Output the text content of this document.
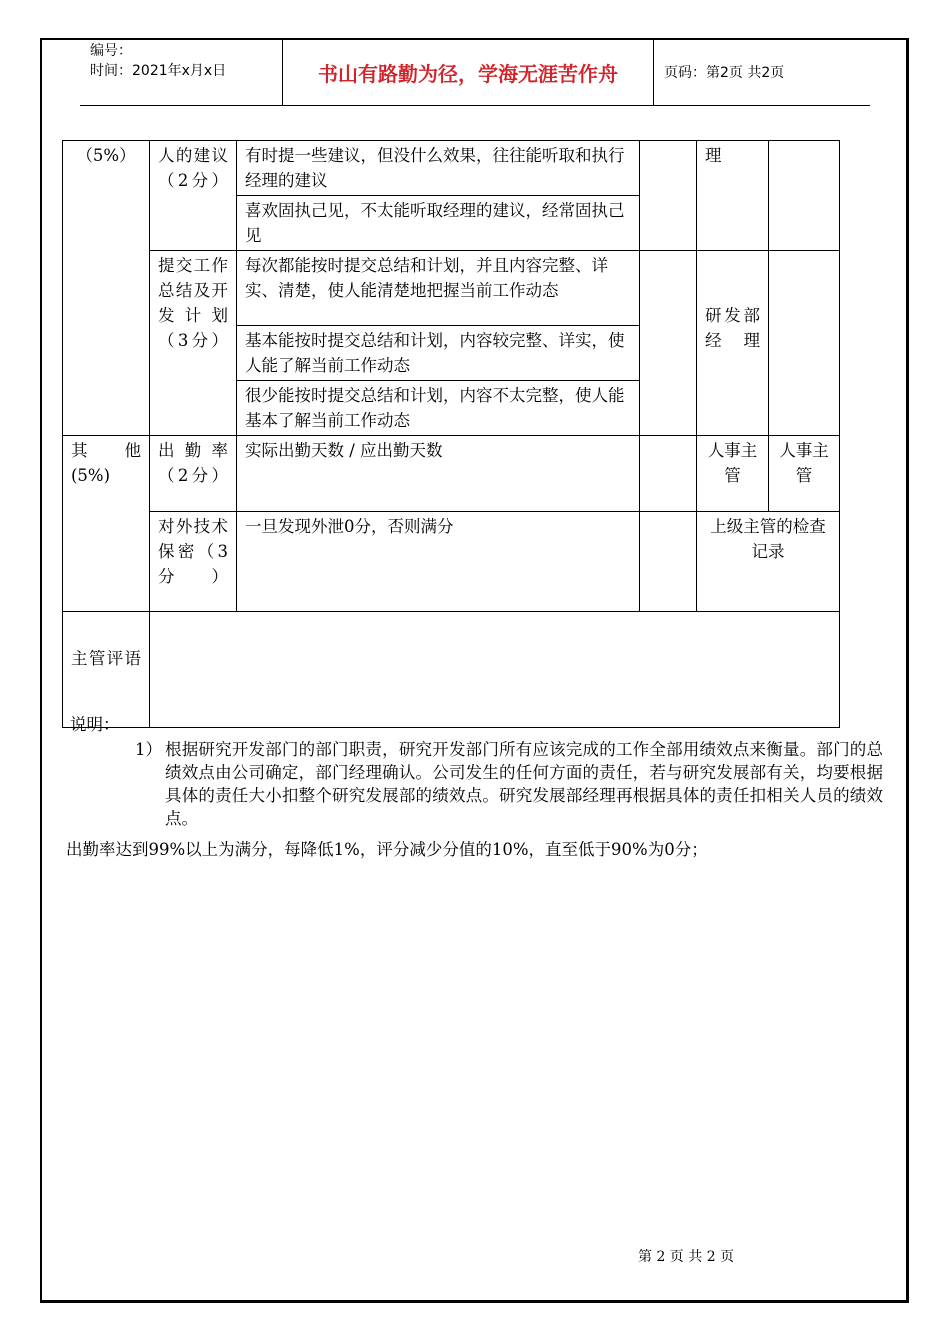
编号：
时间：2021年x月x日	书山有路勤为径，学海无涯苦作舟	页码：第2页 共2页
（5%）	人的建议（2分）	有时提一些建议，但没什么效果，往往能听取和执行经理的建议		理	
		喜欢固执己见，不太能听取经理的建议，经常固执己见			
	提交工作总结及开发计划（3分）	每次都能按时提交总结和计划，并且内容完整、详实、清楚，使人能清楚地把握当前工作动态		研发部经理	
		基本能按时提交总结和计划，内容较完整、详实，使人能了解当前工作动态			
		很少能按时提交总结和计划，内容不太完整，使人能基本了解当前工作动态			

其他
(5%)	出勤率（2分）	实际出勤天数 / 应出勤天数		人事主管	人事主管
	对外技术保密（3分）	一旦发现外泄0分，否则满分		上级主管的检查记录	
主管评语					
说明：
1） 根据研究开发部门的部门职责，研究开发部门所有应该完成的工作全部用绩效点来衡量。部门的总绩效点由公司确定，部门经理确认。公司发生的任何方面的责任，若与研究发展部有关，均要根据具体的责任大小扣整个研究发展部的绩效点。研究发展部经理再根据具体的责任扣相关人员的绩效点。
出勤率达到99%以上为满分，每降低1%，评分减少分值的10%，直至低于90%为0分；
第 2 页 共 2 页
